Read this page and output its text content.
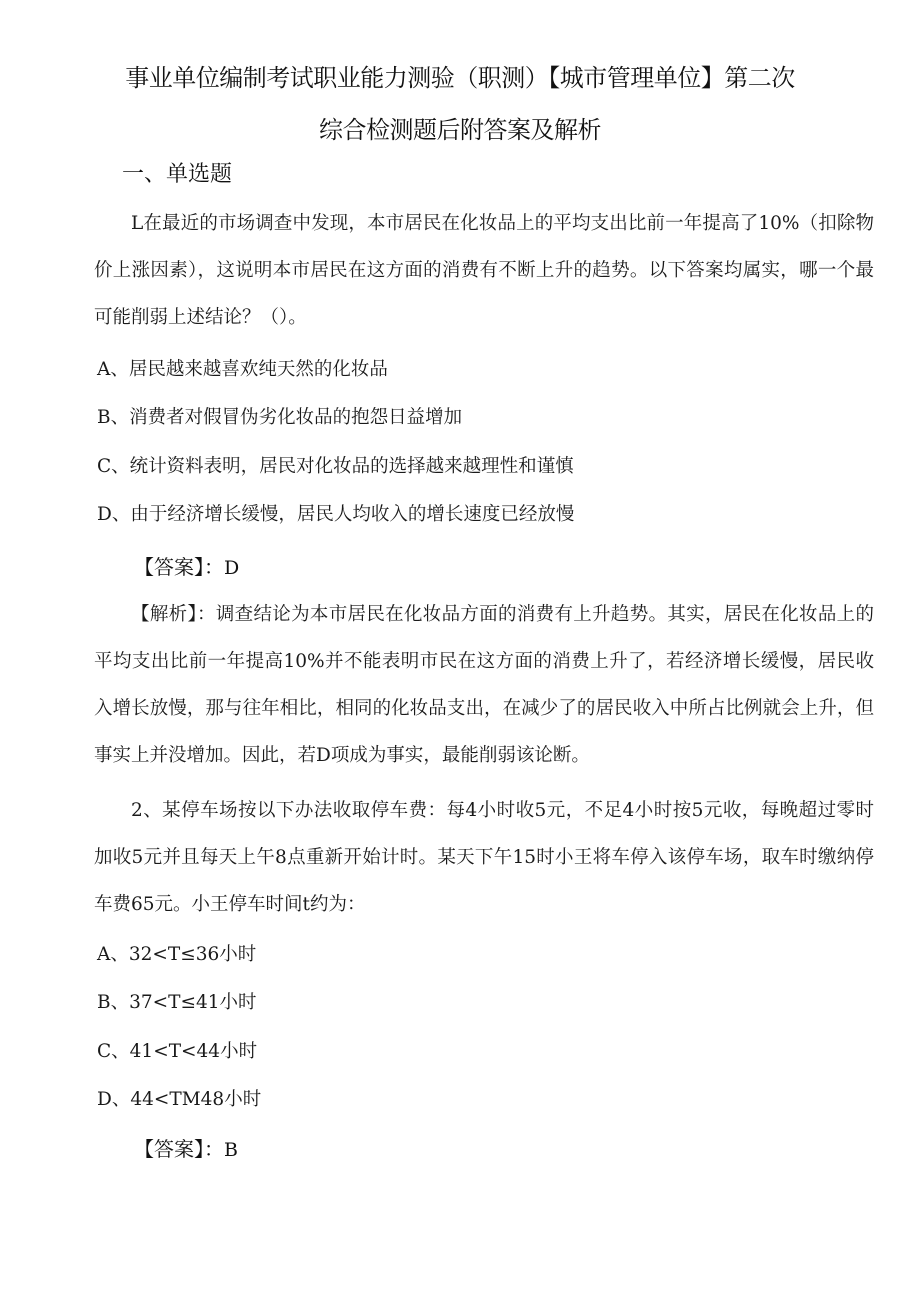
事业单位编制考试职业能力测验（职测）【城市管理单位】第二次
综合检测题后附答案及解析
一、单选题
L在最近的市场调查中发现，本市居民在化妆品上的平均支出比前一年提高了10%（扣除物价上涨因素），这说明本市居民在这方面的消费有不断上升的趋势。以下答案均属实，哪一个最可能削弱上述结论？（）。
A、居民越来越喜欢纯天然的化妆品
B、消费者对假冒伪劣化妆品的抱怨日益增加
C、统计资料表明，居民对化妆品的选择越来越理性和谨慎
D、由于经济增长缓慢，居民人均收入的增长速度已经放慢
【答案】：D
【解析】：调查结论为本市居民在化妆品方面的消费有上升趋势。其实，居民在化妆品上的平均支出比前一年提高10%并不能表明市民在这方面的消费上升了，若经济增长缓慢，居民收入增长放慢，那与往年相比，相同的化妆品支出，在减少了的居民收入中所占比例就会上升，但事实上并没增加。因此，若D项成为事实，最能削弱该论断。
2、某停车场按以下办法收取停车费：每4小时收5元，不足4小时按5元收，每晚超过零时加收5元并且每天上午8点重新开始计时。某天下午15时小王将车停入该停车场，取车时缴纳停车费65元。小王停车时间t约为：
A、32<T≤36小时
B、37<T≤41小时
C、41<T<44小时
D、44<TM48小时
【答案】：B
